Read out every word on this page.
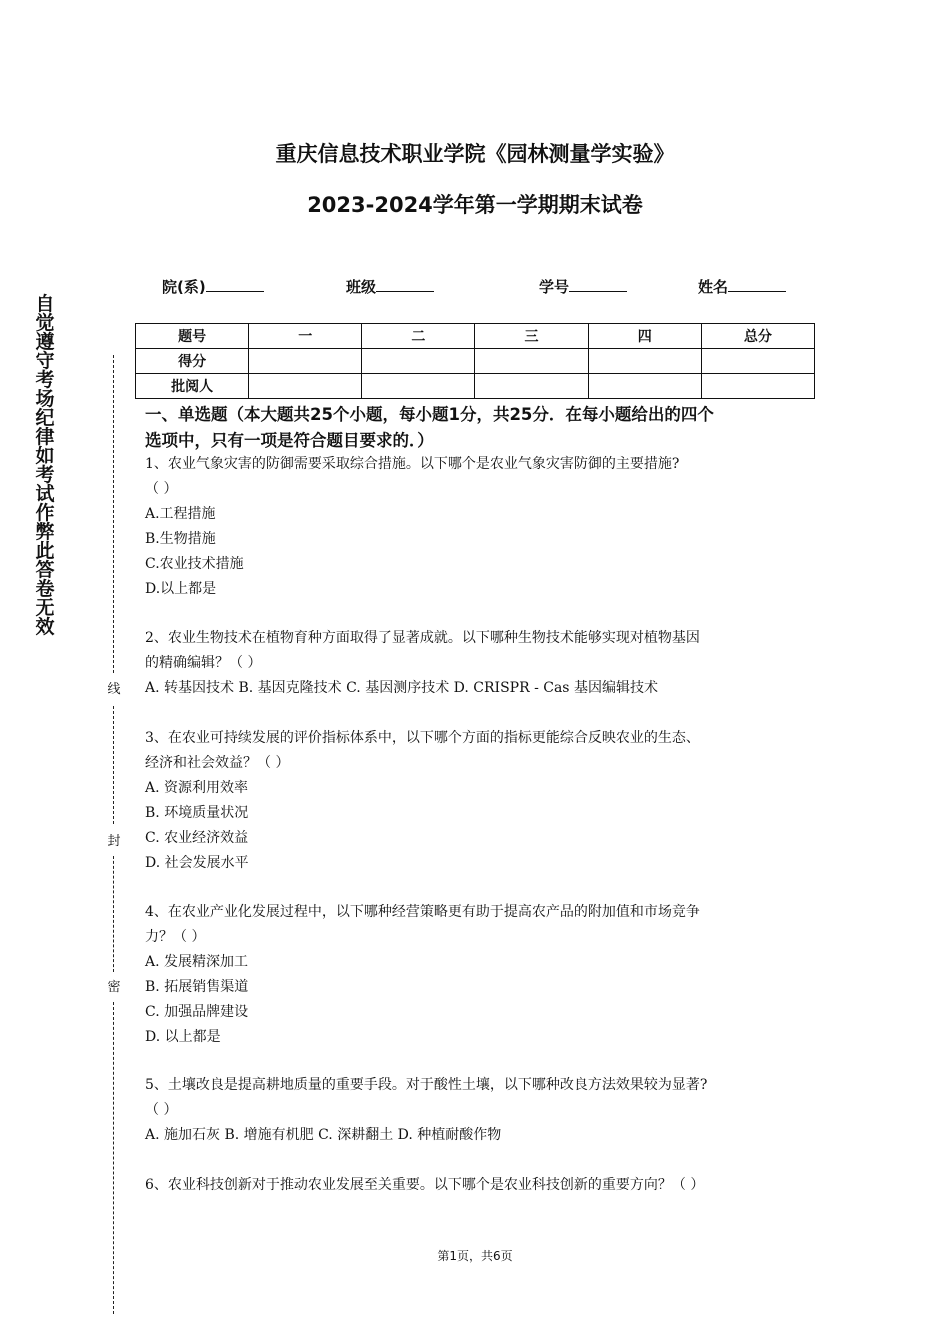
重庆信息技术职业学院《园林测量学实验》
2023-2024学年第一学期期末试卷
院(系)	班级	学号	姓名
题号	一	二	三	四	总分
得分					
批阅人					
自觉遵守考场纪律如考试作弊此答卷无效
线
封
密
一、单选题（本大题共25个小题，每小题1分，共25分．在每小题给出的四个
选项中，只有一项是符合题目要求的．）
1、农业气象灾害的防御需要采取综合措施。以下哪个是农业气象灾害防御的主要措施?
（ ）
A.工程措施
B.生物措施
C.农业技术措施
D.以上都是
2、农业生物技术在植物育种方面取得了显著成就。以下哪种生物技术能够实现对植物基因
的精确编辑？（ ）
A. 转基因技术 B. 基因克隆技术 C. 基因测序技术 D. CRISPR - Cas 基因编辑技术
3、在农业可持续发展的评价指标体系中，以下哪个方面的指标更能综合反映农业的生态、
经济和社会效益？（ ）
A. 资源利用效率
B. 环境质量状况
C. 农业经济效益
D. 社会发展水平
4、在农业产业化发展过程中，以下哪种经营策略更有助于提高农产品的附加值和市场竞争
力？（ ）
A. 发展精深加工
B. 拓展销售渠道
C. 加强品牌建设
D. 以上都是
5、土壤改良是提高耕地质量的重要手段。对于酸性土壤，以下哪种改良方法效果较为显著?
（ ）
A. 施加石灰 B. 增施有机肥 C. 深耕翻土 D. 种植耐酸作物
6、农业科技创新对于推动农业发展至关重要。以下哪个是农业科技创新的重要方向？（ ）
第1页，共6页
